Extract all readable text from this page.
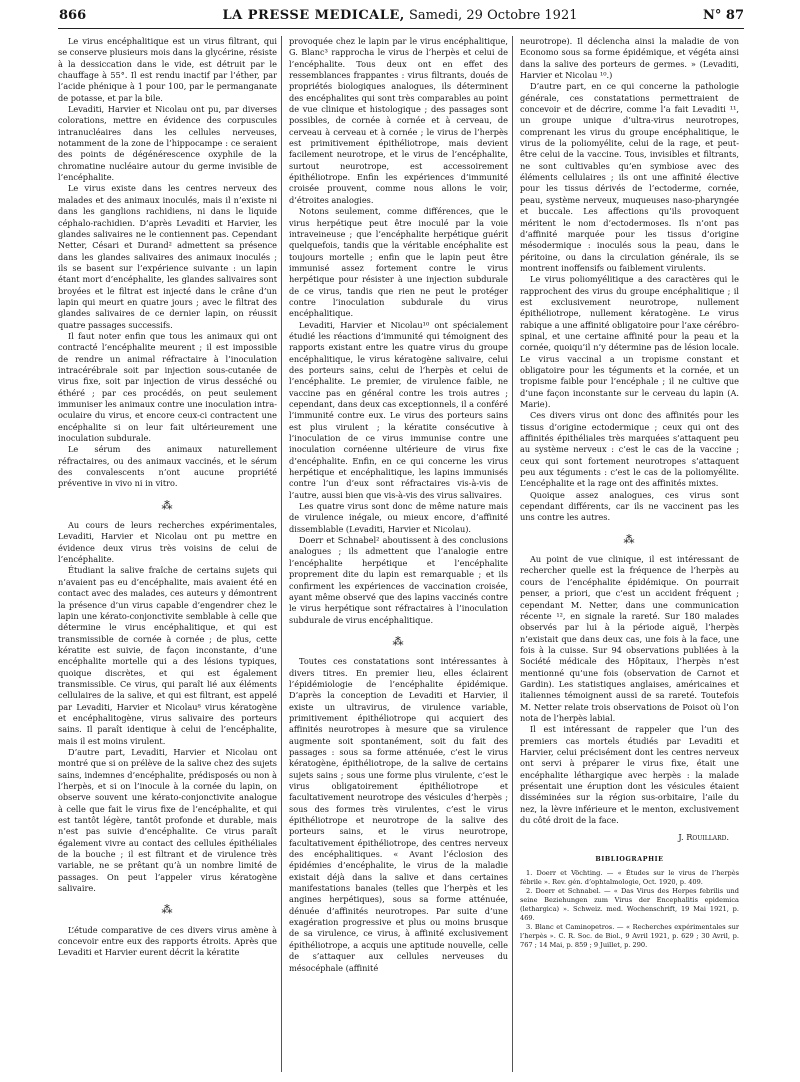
866	LA PRESSE MEDICALE, Samedi, 29 Octobre 1921	N° 87

Le virus encéphalitique est un virus filtrant, qui se conserve plusieurs mois dans la glycérine, résiste à la dessiccation dans le vide, est détruit par le chauffage à 55°. Il est rendu inactif par l’éther, par l’acide phénique à 1 pour 100, par le permanganate de potasse, et par la bile.

Levaditi, Harvier et Nicolau ont pu, par diverses colorations, mettre en évidence des corpuscules intranucléaires dans les cellules nerveuses, notamment de la zone de l’hippocampe : ce seraient des points de dégénérescence oxyphile de la chromatine nucléaire autour du germe invisible de l’encéphalite.

Le virus existe dans les centres nerveux des malades et des animaux inoculés, mais il n’existe ni dans les ganglions rachidiens, ni dans le liquide céphalo-rachidien. D’après Levaditi et Harvier, les glandes salivaires ne le contiennent pas. Cependant Netter, Césari et Durand² admettent sa présence dans les glandes salivaires des animaux inoculés ; ils se basent sur l’expérience suivante : un lapin étant mort d’encéphalite, les glandes salivaires sont broyées et le filtrat est injecté dans le crâne d’un lapin qui meurt en quatre jours ; avec le filtrat des glandes salivaires de ce dernier lapin, on réussit quatre passages successifs.

Il faut noter enfin que tous les animaux qui ont contracté l’encéphalite meurent ; il est impossible de rendre un animal réfractaire à l’inoculation intracérébrale soit par injection sous-cutanée de virus fixe, soit par injection de virus desséché ou éthéré ; par ces procédés, on peut seulement immuniser les animaux contre une inoculation intra-oculaire du virus, et encore ceux-ci contractent une encéphalite si on leur fait ultérieurement une inoculation subdurale.

Le sérum des animaux naturellement réfractaires, ou des animaux vaccinés, et le sérum des convalescents n’ont aucune propriété préventive in vivo ni in vitro.

⁂

Au cours de leurs recherches expérimentales, Levaditi, Harvier et Nicolau ont pu mettre en évidence deux virus très voisins de celui de l’encéphalite.

Étudiant la salive fraîche de certains sujets qui n’avaient pas eu d’encéphalite, mais avaient été en contact avec des malades, ces auteurs y démontrent la présence d’un virus capable d’engendrer chez le lapin une kérato-conjonctivite semblable à celle que détermine le virus encéphalitique, et qui est transmissible de cornée à cornée ; de plus, cette kératite est suivie, de façon inconstante, d’une encéphalite mortelle qui a des lésions typiques, quoique discrètes, et qui est également transmissible. Ce virus, qui paraît lié aux éléments cellulaires de la salive, et qui est filtrant, est appelé par Levaditi, Harvier et Nicolau⁸ virus kératogène et encéphalitogène, virus salivaire des porteurs sains. Il paraît identique à celui de l’encéphalite, mais il est moins virulent.

D’autre part, Levaditi, Harvier et Nicolau ont montré que si on prélève de la salive chez des sujets sains, indemnes d’encéphalite, prédisposés ou non à l’herpès, et si on l’inocule à la cornée du lapin, on observe souvent une kérato-conjonctivite analogue à celle que fait le virus fixe de l’encéphalite, et qui est tantôt légère, tantôt profonde et durable, mais n’est pas suivie d’encéphalite. Ce virus paraît également vivre au contact des cellules épithéliales de la bouche ; il est filtrant et de virulence très variable, ne se prêtant qu’à un nombre limité de passages. On peut l’appeler virus kératogène salivaire.

⁂

L’étude comparative de ces divers virus amène à concevoir entre eux des rapports étroits. Après que Levaditi et Harvier eurent décrit la kératite

provoquée chez le lapin par le virus encéphalitique, G. Blanc³ rapprocha le virus de l’herpès et celui de l’encéphalite. Tous deux ont en effet des ressemblances frappantes : virus filtrants, doués de propriétés biologiques analogues, ils déterminent des encéphalites qui sont très comparables au point de vue clinique et histologique ; des passages sont possibles, de cornée à cornée et à cerveau, de cerveau à cerveau et à cornée ; le virus de l’herpès est primitivement épithéliotrope, mais devient facilement neurotrope, et le virus de l’encéphalite, surtout neurotrope, est accessoirement épithéliotrope. Enfin les expériences d’immunité croisée prouvent, comme nous allons le voir, d’étroites analogies.

Notons seulement, comme différences, que le virus herpétique peut être inoculé par la voie intraveineuse ; que l’encéphalite herpétique guérit quelquefois, tandis que la véritable encéphalite est toujours mortelle ; enfin que le lapin peut être immunisé assez fortement contre le virus herpétique pour résister à une injection subdurale de ce virus, tandis que rien ne peut le protéger contre l’inoculation subdurale du virus encéphalitique.

Levaditi, Harvier et Nicolau¹⁰ ont spécialement étudié les réactions d’immunité qui témoignent des rapports existant entre les quatre virus du groupe encéphalitique, le virus kératogène salivaire, celui des porteurs sains, celui de l’herpès et celui de l’encéphalite. Le premier, de virulence faible, ne vaccine pas en général contre les trois autres ; cependant, dans deux cas exceptionnels, il a conféré l’immunité contre eux. Le virus des porteurs sains est plus virulent ; la kératite consécutive à l’inoculation de ce virus immunise contre une inoculation cornéenne ultérieure de virus fixe d’encéphalite. Enfin, en ce qui concerne les virus herpétique et encéphalitique, les lapins immunisés contre l’un d’eux sont réfractaires vis-à-vis de l’autre, aussi bien que vis-à-vis des virus salivaires.

Les quatre virus sont donc de même nature mais de virulence inégale, ou mieux encore, d’affinité dissemblable (Levaditi, Harvier et Nicolau).

Doerr et Schnabel² aboutissent à des conclusions analogues ; ils admettent que l’analogie entre l’encéphalite herpétique et l’encéphalite proprement dite du lapin est remarquable ; et ils confirment les expériences de vaccination croisée, ayant même observé que des lapins vaccinés contre le virus herpétique sont réfractaires à l’inoculation subdurale de virus encéphalitique.

⁂

Toutes ces constatations sont intéressantes à divers titres. En premier lieu, elles éclairent l’épidémiologie de l’encéphalite épidémique. D’après la conception de Levaditi et Harvier, il existe un ultravirus, de virulence variable, primitivement épithéliotrope qui acquiert des affinités neurotropes à mesure que sa virulence augmente soit spontanément, soit du fait des passages : sous sa forme atténuée, c’est le virus kératogène, épithéliotrope, de la salive de certains sujets sains ; sous une forme plus virulente, c’est le virus obligatoirement épithéliotrope et facultativement neurotrope des vésicules d’herpès ; sous des formes très virulentes, c’est le virus épithéliotrope et neurotrope de la salive des porteurs sains, et le virus neurotrope, facultativement épithéliotrope, des centres nerveux des encéphalitiques. « Avant l’éclosion des épidémies d’encéphalite, le virus de la maladie existait déjà dans la salive et dans certaines manifestations banales (telles que l’herpès et les angines herpétiques), sous sa forme atténuée, dénuée d’affinités neurotropes. Par suite d’une exagération progressive et plus ou moins brusque de sa virulence, ce virus, à affinité exclusivement épithéliotrope, a acquis une aptitude nouvelle, celle de s’attaquer aux cellules nerveuses du mésocéphale (affinité

neurotrope). Il déclencha ainsi la maladie de von Economo sous sa forme épidémique, et végéta ainsi dans la salive des porteurs de germes. » (Levaditi, Harvier et Nicolau ¹⁰.)

D’autre part, en ce qui concerne la pathologie générale, ces constatations permettraient de concevoir et de décrire, comme l’a fait Levaditi ¹¹, un groupe unique d’ultra-virus neurotropes, comprenant les virus du groupe encéphalitique, le virus de la poliomyélite, celui de la rage, et peut-être celui de la vaccine. Tous, invisibles et filtrants, ne sont cultivables qu’en symbiose avec des éléments cellulaires ; ils ont une affinité élective pour les tissus dérivés de l’ectoderme, cornée, peau, système nerveux, muqueuses naso-pharyngée et buccale. Les affections qu’ils provoquent méritent le nom d’ectodermoses. Ils n’ont pas d’affinité marquée pour les tissus d’origine mésodermique : inoculés sous la peau, dans le péritoine, ou dans la circulation générale, ils se montrent inoffensifs ou faiblement virulents.

Le virus poliomyélitique a des caractères qui le rapprochent des virus du groupe encéphalitique ; il est exclusivement neurotrope, nullement épithéliotrope, nullement kératogène. Le virus rabique a une affinité obligatoire pour l’axe cérébro-spinal, et une certaine affinité pour la peau et la cornée, quoiqu’il n’y détermine pas de lésion locale. Le virus vaccinal a un tropisme constant et obligatoire pour les téguments et la cornée, et un tropisme faible pour l’encéphale ; il ne cultive que d’une façon inconstante sur le cerveau du lapin (A. Marie).

Ces divers virus ont donc des affinités pour les tissus d’origine ectodermique ; ceux qui ont des affinités épithéliales très marquées s’attaquent peu au système nerveux : c’est le cas de la vaccine ; ceux qui sont fortement neurotropes s’attaquent peu aux téguments : c’est le cas de la poliomyélite. L’encéphalite et la rage ont des affinités mixtes.

Quoique assez analogues, ces virus sont cependant différents, car ils ne vaccinent pas les uns contre les autres.

⁂

Au point de vue clinique, il est intéressant de rechercher quelle est la fréquence de l’herpès au cours de l’encéphalite épidémique. On pourrait penser, a priori, que c’est un accident fréquent ; cependant M. Netter, dans une communication récente ¹², en signale la rareté. Sur 180 malades observés par lui à la période aiguë, l’herpès n’existait que dans deux cas, une fois à la face, une fois à la cuisse. Sur 94 observations publiées à la Société médicale des Hôpitaux, l’herpès n’est mentionné qu’une fois (observation de Carnot et Gardin). Les statistiques anglaises, américaines et italiennes témoignent aussi de sa rareté. Toutefois M. Netter relate trois observations de Poisot où l’on nota de l’herpès labial.

Il est intéressant de rappeler que l’un des premiers cas mortels étudiés par Levaditi et Harvier, celui précisément dont les centres nerveux ont servi à préparer le virus fixe, était une encéphalite léthargique avec herpès : la malade présentait une éruption dont les vésicules étaient disséminées sur la région sus-orbitaire, l’aile du nez, la lèvre inférieure et le menton, exclusivement du côté droit de la face.

J. Rouillard.
BIBLIOGRAPHIE

1. Doerr et Vöchting. — « Études sur le virus de l’herpès fébrile ». Rev. gén. d’ophtalmologie, Oct. 1920, p. 409.

2. Doerr et Schnabel. — « Das Virus des Herpes febrilis und seine Beziehungen zum Virus der Encephalitis epidemica (lethargica) ». Schweiz. med. Wochenschrift, 19 Mai 1921, p. 469.

3. Blanc et Caminopetros. — « Recherches expérimentales sur l’herpès ». C. R. Soc. de Biol., 9 Avril 1921, p. 629 ; 30 Avril, p. 767 ; 14 Mai, p. 859 ; 9 Juillet, p. 290.
